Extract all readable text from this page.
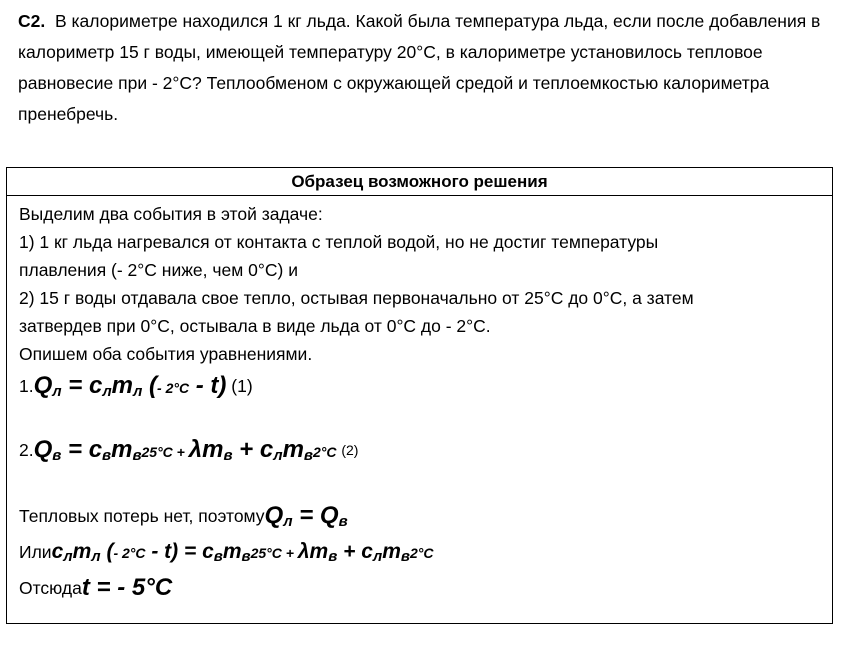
С2. В калориметре находился 1 кг льда. Какой была температура льда, если после добавления в калориметр 15 г воды, имеющей температуру 20°С, в калориметре установилось тепловое равновесие при - 2°С? Теплообменом с окружающей средой и теплоемкостью калориметра пренебречь.
Образец возможного решения
Выделим два события в этой задаче:
1) 1 кг льда нагревался от контакта с теплой водой, но не достиг температуры
плавления (- 2°С ниже, чем 0°С) и
2) 15 г воды отдавала свое тепло, остывая первоначально от 25°С до 0°С, а затем
затвердев при 0°С, остывала в виде льда от 0°С до - 2°С.
Опишем оба события уравнениями.
1. $Q_л = c_лm_л$ (- 2°C - t)
(1)
2. $Q_в = c_вm_в25^\circ C + \lambda m_в + c_лm_в2^\circ C$
(2)
Тепловых потерь нет, поэтому $Q_л = Q_в$
Или $c_лm_л$ (- $2^\circ C - t) = c_вm_в25^\circ C + \lambda m_в + c_лm_в2^\circ C$
Отсюда t = - 5°C
